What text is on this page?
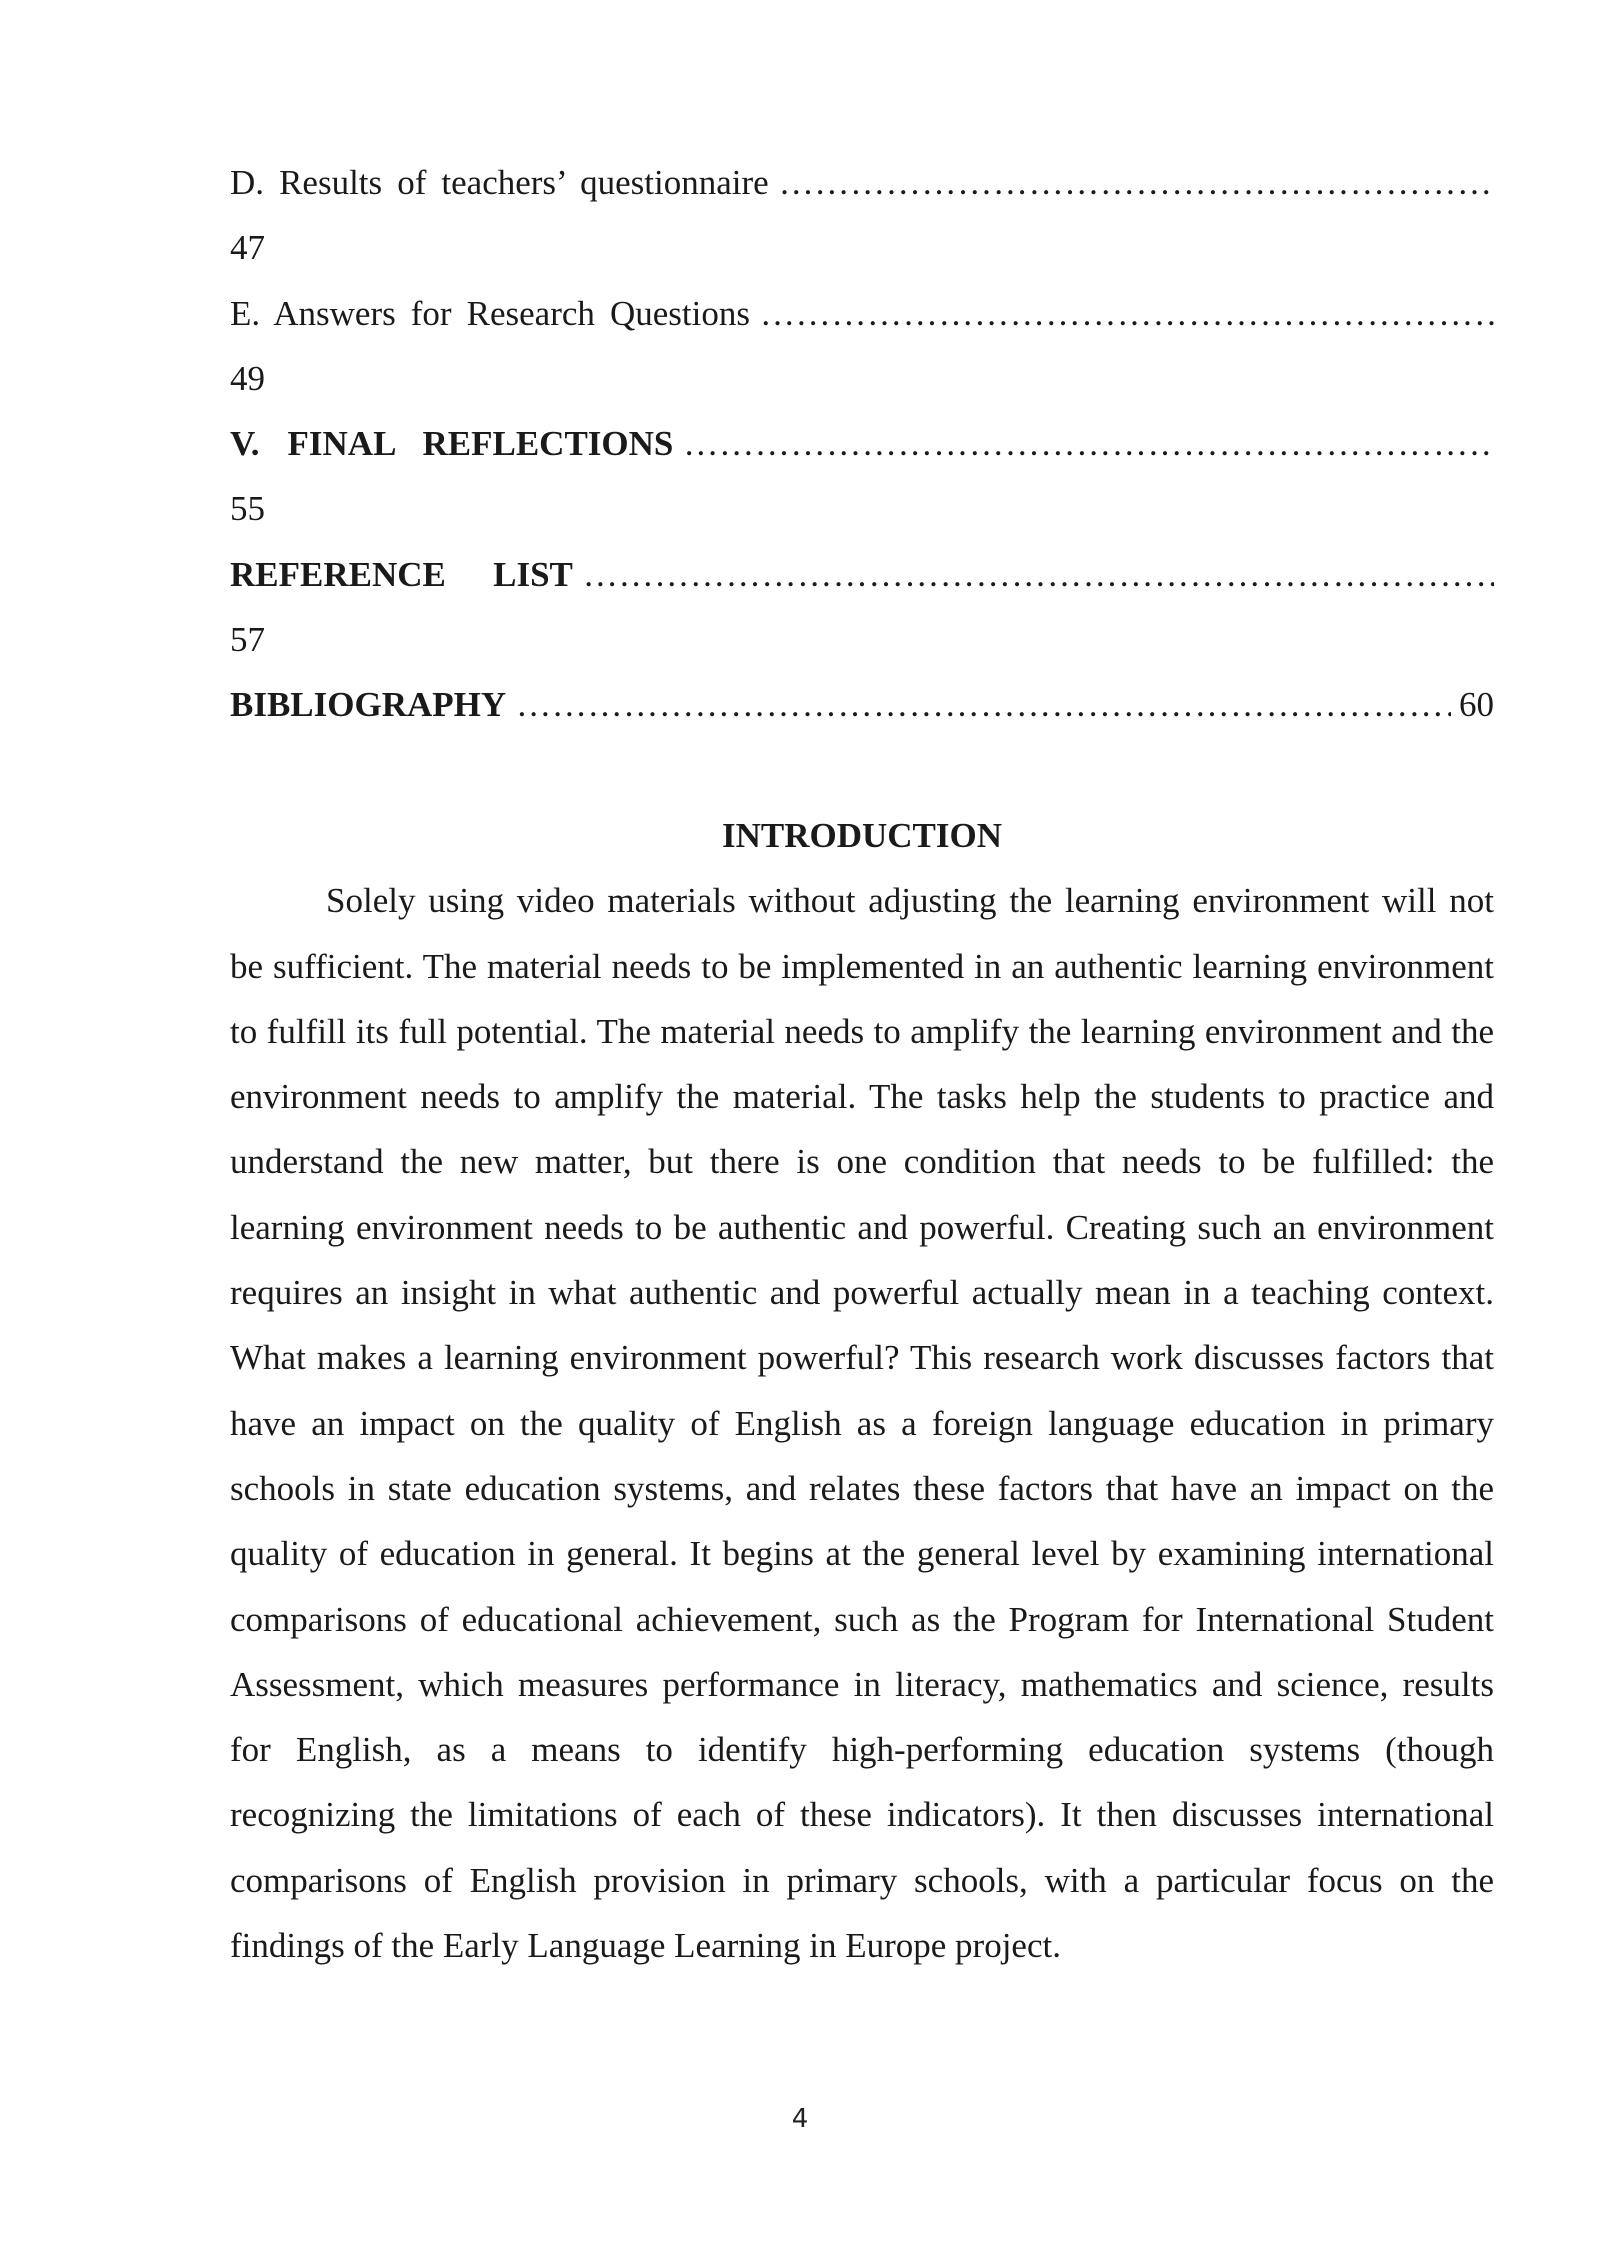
D. Results of teachers’ questionnaire
………………………………………………………………………………………………………………………………
47
E. Answers for Research Questions
………………………………………………………………………………………………………………………………
49
V. FINAL REFLECTIONS
………………………………………………………………………………………………………………………………
55
REFERENCE LIST
………………………………………………………………………………………………………………………………
57
BIBLIOGRAPHY
………………………………………………………………………………………………………………………………	60
INTRODUCTION

Solely using video materials without adjusting the learning environment will not be sufficient. The material needs to be implemented in an authentic learning environment to fulfill its full potential. The material needs to amplify the learning environment and the environment needs to amplify the material. The tasks help the students to practice and understand the new matter, but there is one condition that needs to be fulfilled: the learning environment needs to be authentic and powerful. Creating such an environment requires an insight in what authentic and powerful actually mean in a teaching context. What makes a learning environment powerful? This research work discusses factors that have an impact on the quality of English as a foreign language education in primary schools in state education systems, and relates these factors that have an impact on the quality of education in general. It begins at the general level by examining international comparisons of educational achievement, such as the Program for International Student Assessment, which measures performance in literacy, mathematics and science, results for English, as a means to identify high-performing education systems (though recognizing the limitations of each of these indicators). It then discusses international comparisons of English provision in primary schools, with a particular focus on the findings of the Early Language Learning in Europe project.

4
